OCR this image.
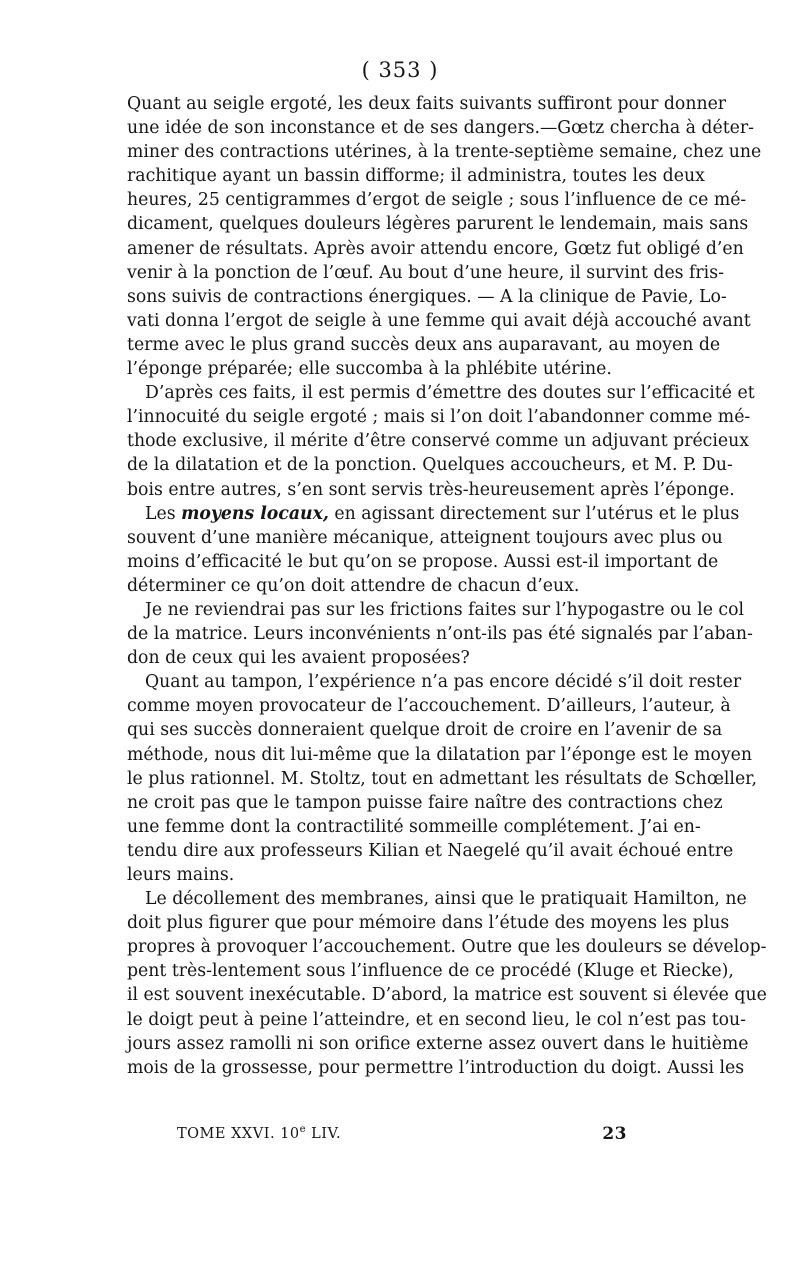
( 353 )
Quant au seigle ergoté, les deux faits suivants suffiront pour donner
une idée de son inconstance et de ses dangers.—Gœtz chercha à déter-
miner des contractions utérines, à la trente-septième semaine, chez une
rachitique ayant un bassin difforme; il administra, toutes les deux
heures, 25 centigrammes d’ergot de seigle ; sous l’influence de ce mé-
dicament, quelques douleurs légères parurent le lendemain, mais sans
amener de résultats. Après avoir attendu encore, Gœtz fut obligé d’en
venir à la ponction de l’œuf. Au bout d’une heure, il survint des fris-
sons suivis de contractions énergiques. — A la clinique de Pavie, Lo-
vati donna l’ergot de seigle à une femme qui avait déjà accouché avant
terme avec le plus grand succès deux ans auparavant, au moyen de
l’éponge préparée; elle succomba à la phlébite utérine.
D’après ces faits, il est permis d’émettre des doutes sur l’efficacité et
l’innocuité du seigle ergoté ; mais si l’on doit l’abandonner comme mé-
thode exclusive, il mérite d’être conservé comme un adjuvant précieux
de la dilatation et de la ponction. Quelques accoucheurs, et M. P. Du-
bois entre autres, s’en sont servis très-heureusement après l’éponge.
Les moyens locaux, en agissant directement sur l’utérus et le plus
souvent d’une manière mécanique, atteignent toujours avec plus ou
moins d’efficacité le but qu’on se propose. Aussi est-il important de
déterminer ce qu’on doit attendre de chacun d’eux.
Je ne reviendrai pas sur les frictions faites sur l’hypogastre ou le col
de la matrice. Leurs inconvénients n’ont-ils pas été signalés par l’aban-
don de ceux qui les avaient proposées?
Quant au tampon, l’expérience n’a pas encore décidé s’il doit rester
comme moyen provocateur de l’accouchement. D’ailleurs, l’auteur, à
qui ses succès donneraient quelque droit de croire en l’avenir de sa
méthode, nous dit lui-même que la dilatation par l’éponge est le moyen
le plus rationnel. M. Stoltz, tout en admettant les résultats de Schœller,
ne croit pas que le tampon puisse faire naître des contractions chez
une femme dont la contractilité sommeille complétement. J’ai en-
tendu dire aux professeurs Kilian et Naegelé qu’il avait échoué entre
leurs mains.
Le décollement des membranes, ainsi que le pratiquait Hamilton, ne
doit plus figurer que pour mémoire dans l’étude des moyens les plus
propres à provoquer l’accouchement. Outre que les douleurs se dévelop-
pent très-lentement sous l’influence de ce procédé (Kluge et Riecke),
il est souvent inexécutable. D’abord, la matrice est souvent si élevée que
le doigt peut à peine l’atteindre, et en second lieu, le col n’est pas tou-
jours assez ramolli ni son orifice externe assez ouvert dans le huitième
mois de la grossesse, pour permettre l’introduction du doigt. Aussi les
TOME XXVI. 10e LIV.	23
